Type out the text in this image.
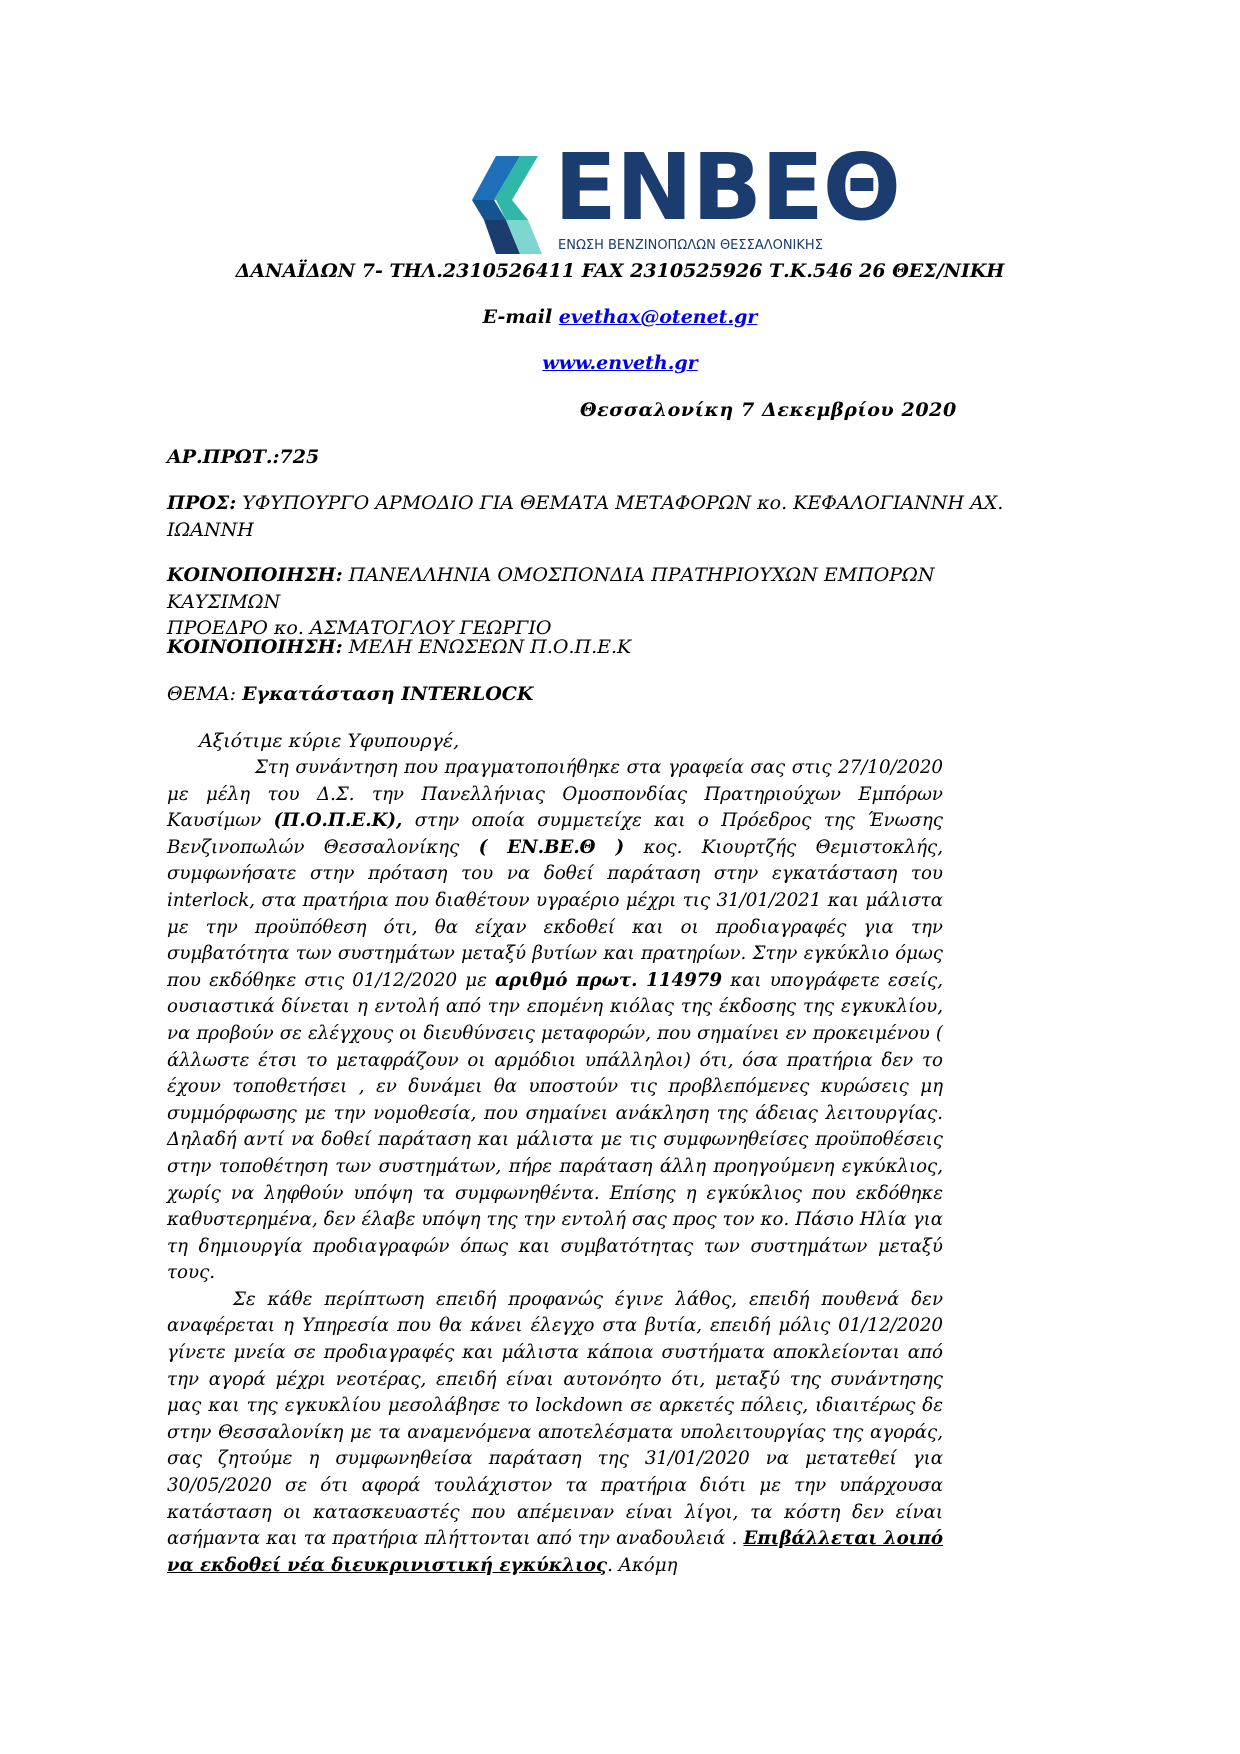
ΕΝΒΕΘ
ΕΝΩΣΗ ΒΕΝΖΙΝΟΠΩΛΩΝ ΘΕΣΣΑΛΟΝΙΚΗΣ
ΔΑΝΑΪΔΩΝ 7- ΤΗΛ.2310526411 FAX 2310525926 Τ.Κ.546 26 ΘΕΣ/ΝΙΚΗ
E-mail evethax@otenet.gr
www.enveth.gr
Θεσσαλονίκη 7 Δεκεμβρίου 2020
ΑΡ.ΠΡΩΤ.:725
ΠΡΟΣ: ΥΦΥΠΟΥΡΓΟ ΑΡΜΟΔΙΟ ΓΙΑ ΘΕΜΑΤΑ ΜΕΤΑΦΟΡΩΝ κο. ΚΕΦΑΛΟΓΙΑΝΝΗ ΑΧ.
ΙΩΑΝΝΗ
ΚΟΙΝΟΠΟΙΗΣΗ: ΠΑΝΕΛΛΗΝΙΑ ΟΜΟΣΠΟΝΔΙΑ ΠΡΑΤΗΡΙΟΥΧΩΝ ΕΜΠΟΡΩΝ ΚΑΥΣΙΜΩΝ
ΠΡΟΕΔΡΟ κο. ΑΣΜΑΤΟΓΛΟΥ ΓΕΩΡΓΙΟ
ΚΟΙΝΟΠΟΙΗΣΗ: ΜΕΛΗ ΕΝΩΣΕΩΝ Π.Ο.Π.Ε.Κ
ΘΕΜΑ: Εγκατάσταση INTERLOCK
Αξιότιμε κύριε Υφυπουργέ,

Στη συνάντηση που πραγματοποιήθηκε στα γραφεία σας στις 27/10/2020 με μέλη του Δ.Σ. την Πανελλήνιας Ομοσπονδίας Πρατηριούχων Εμπόρων Καυσίμων (Π.Ο.Π.Ε.Κ), στην οποία συμμετείχε και ο Πρόεδρος της Ένωσης Βενζινοπωλών Θεσσαλονίκης ( ΕΝ.ΒΕ.Θ ) κος. Κιουρτζής Θεμιστοκλής, συμφωνήσατε στην πρόταση του να δοθεί παράταση στην εγκατάσταση του interlock, στα πρατήρια που διαθέτουν υγραέριο μέχρι τις 31/01/2021 και μάλιστα με την προϋπόθεση ότι, θα είχαν εκδοθεί και οι προδιαγραφές για την συμβατότητα των συστημάτων μεταξύ βυτίων και πρατηρίων. Στην εγκύκλιο όμως που εκδόθηκε στις 01/12/2020 με αριθμό πρωτ. 114979 και υπογράφετε εσείς, ουσιαστικά δίνεται η εντολή από την επομένη κιόλας της έκδοσης της εγκυκλίου, να προβούν σε ελέγχους οι διευθύνσεις μεταφορών, που σημαίνει εν προκειμένου ( άλλωστε έτσι το μεταφράζουν οι αρμόδιοι υπάλληλοι) ότι, όσα πρατήρια δεν το έχουν τοποθετήσει , εν δυνάμει θα υποστούν τις προβλεπόμενες κυρώσεις μη συμμόρφωσης με την νομοθεσία, που σημαίνει ανάκληση της άδειας λειτουργίας. Δηλαδή αντί να δοθεί παράταση και μάλιστα με τις συμφωνηθείσες προϋποθέσεις στην τοποθέτηση των συστημάτων, πήρε παράταση άλλη προηγούμενη εγκύκλιος, χωρίς να ληφθούν υπόψη τα συμφωνηθέντα. Επίσης η εγκύκλιος που εκδόθηκε καθυστερημένα, δεν έλαβε υπόψη της την εντολή σας προς τον κο. Πάσιο Ηλία για τη δημιουργία προδιαγραφών όπως και συμβατότητας των συστημάτων μεταξύ τους.

Σε κάθε περίπτωση επειδή προφανώς έγινε λάθος, επειδή πουθενά δεν αναφέρεται η Υπηρεσία που θα κάνει έλεγχο στα βυτία, επειδή μόλις 01/12/2020 γίνετε μνεία σε προδιαγραφές και μάλιστα κάποια συστήματα αποκλείονται από την αγορά μέχρι νεοτέρας, επειδή είναι αυτονόητο ότι, μεταξύ της συνάντησης μας και της εγκυκλίου μεσολάβησε το lockdown σε αρκετές πόλεις, ιδιαιτέρως δε στην Θεσσαλονίκη με τα αναμενόμενα αποτελέσματα υπολειτουργίας της αγοράς, σας ζητούμε η συμφωνηθείσα παράταση της 31/01/2020 να μετατεθεί για 30/05/2020 σε ότι αφορά τουλάχιστον τα πρατήρια διότι με την υπάρχουσα κατάσταση οι κατασκευαστές που απέμειναν είναι λίγοι, τα κόστη δεν είναι ασήμαντα και τα πρατήρια πλήττονται από την αναδουλειά . Επιβάλλεται λοιπό να εκδοθεί νέα διευκρινιστική εγκύκλιος. Ακόμη
